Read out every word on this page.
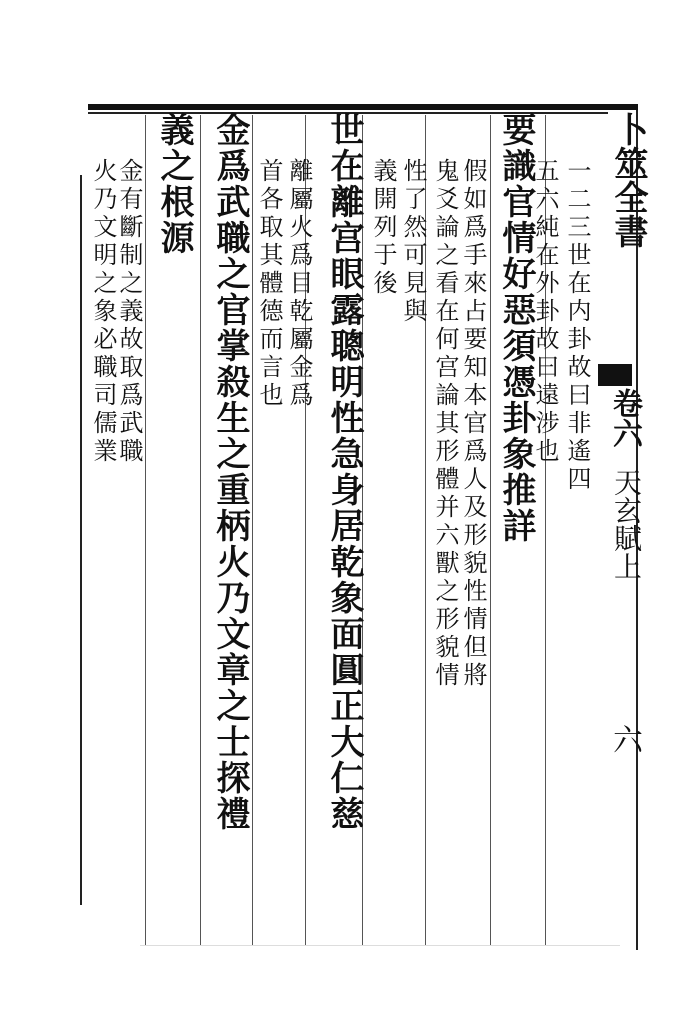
卜筮全書
卷六
天玄賦上
六
一二三世在内卦故曰非遙四
五六純在外卦故曰遠涉也
要識官情好惡須憑卦象推詳
假如爲手來占要知本官爲人及形貌性情但將
鬼爻論之看在何宫論其形體并六獸之形貌情
性了然可見與
義開列于後
世在離宫眼露聰明性急身居乾象面圓正大仁慈
離屬火爲目乾屬金爲
首各取其體德而言也
金爲武職之官掌殺生之重柄火乃文章之士探禮
義之根源
金有斷制之義故取爲武職
火乃文明之象必職司儒業
